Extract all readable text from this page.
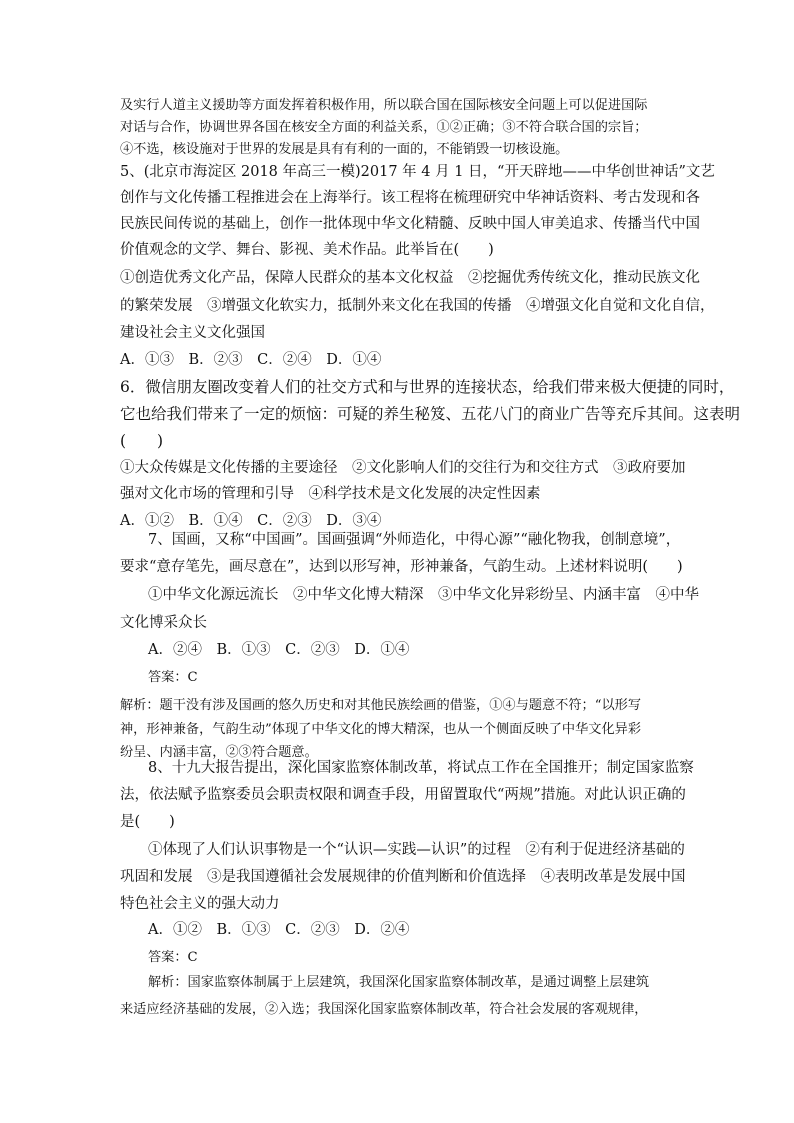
及实行人道主义援助等方面发挥着积极作用，所以联合国在国际核安全问题上可以促进国际
对话与合作，协调世界各国在核安全方面的利益关系，①②正确；③不符合联合国的宗旨；
④不选，核设施对于世界的发展是具有有利的一面的，不能销毁一切核设施。
5、(北京市海淀区 2018 年高三一模)2017 年 4 月 1 日，“开天辟地——中华创世神话”文艺
创作与文化传播工程推进会在上海举行。该工程将在梳理研究中华神话资料、考古发现和各
民族民间传说的基础上，创作一批体现中华文化精髓、反映中国人审美追求、传播当代中国
价值观念的文学、舞台、影视、美术作品。此举旨在(　　)
①创造优秀文化产品，保障人民群众的基本文化权益　②挖掘优秀传统文化，推动民族文化
的繁荣发展　③增强文化软实力，抵制外来文化在我国的传播　④增强文化自觉和文化自信，
建设社会主义文化强国
A．①③　B．②③　C．②④　D．①④
6．微信朋友圈改变着人们的社交方式和与世界的连接状态，给我们带来极大便捷的同时，
它也给我们带来了一定的烦恼：可疑的养生秘笈、五花八门的商业广告等充斥其间。这表明
(　　)
①大众传媒是文化传播的主要途径　②文化影响人们的交往行为和交往方式　③政府要加
强对文化市场的管理和引导　④科学技术是文化发展的决定性因素
A．①②　B．①④　C．②③　D．③④
7、国画，又称“中国画”。国画强调“外师造化，中得心源”“融化物我，创制意境”，
要求“意存笔先，画尽意在”，达到以形写神，形神兼备，气韵生动。上述材料说明(　　)
①中华文化源远流长　②中华文化博大精深　③中华文化异彩纷呈、内涵丰富　④中华
文化博采众长
A．②④　B．①③　C．②③　D．①④
答案：C
解析：题干没有涉及国画的悠久历史和对其他民族绘画的借鉴，①④与题意不符；“以形写
神，形神兼备，气韵生动”体现了中华文化的博大精深，也从一个侧面反映了中华文化异彩
纷呈、内涵丰富，②③符合题意。
8、十九大报告提出，深化国家监察体制改革，将试点工作在全国推开；制定国家监察
法，依法赋予监察委员会职责权限和调查手段，用留置取代“两规”措施。对此认识正确的
是(　　)
①体现了人们认识事物是一个“认识—实践—认识”的过程　②有利于促进经济基础的
巩固和发展　③是我国遵循社会发展规律的价值判断和价值选择　④表明改革是发展中国
特色社会主义的强大动力
A．①②　B．①③　C．②③　D．②④
答案：C
解析：国家监察体制属于上层建筑，我国深化国家监察体制改革，是通过调整上层建筑
来适应经济基础的发展，②入选；我国深化国家监察体制改革，符合社会发展的客观规律，
